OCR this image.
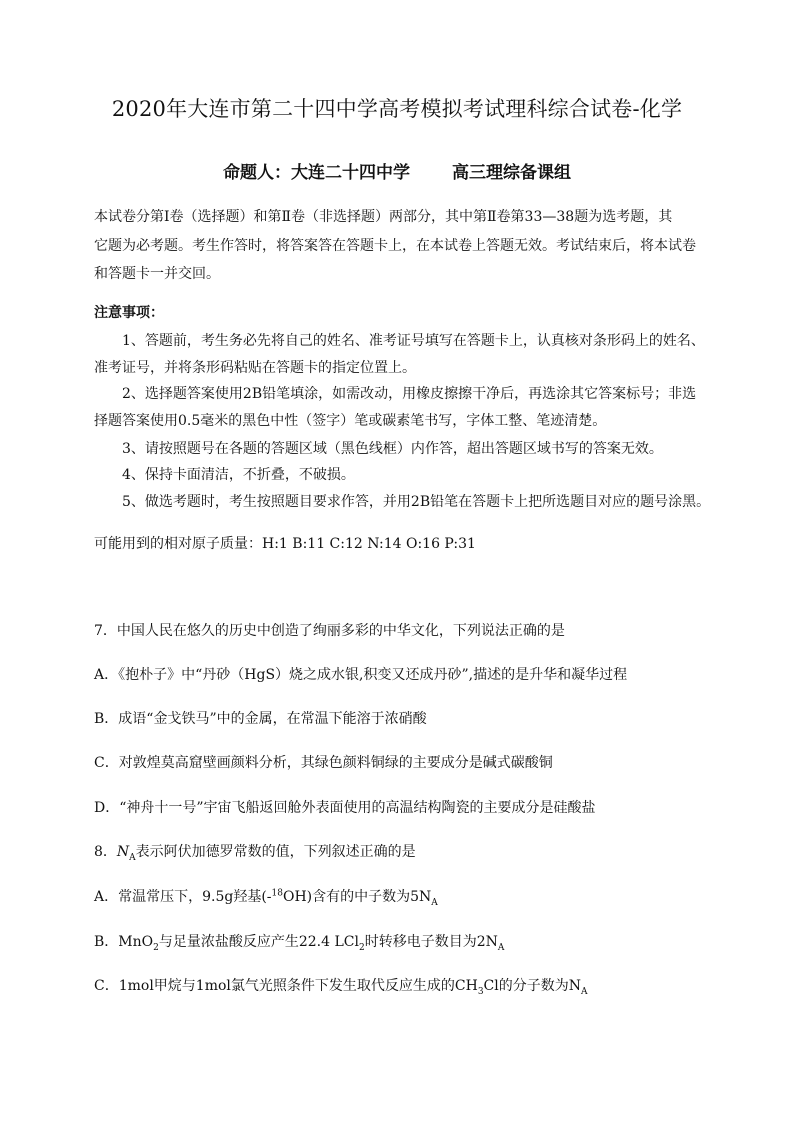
2020年大连市第二十四中学高考模拟考试理科综合试卷-化学
命题人：大连二十四中学 高三理综备课组
本试卷分第Ⅰ卷（选择题）和第Ⅱ卷（非选择题）两部分，其中第Ⅱ卷第33—38题为选考题，其
它题为必考题。考生作答时，将答案答在答题卡上，在本试卷上答题无效。考试结束后，将本试卷
和答题卡一并交回。
注意事项：
1、答题前，考生务必先将自己的姓名、准考证号填写在答题卡上，认真核对条形码上的姓名、
准考证号，并将条形码粘贴在答题卡的指定位置上。
2、选择题答案使用2B铅笔填涂，如需改动，用橡皮擦擦干净后，再选涂其它答案标号；非选
择题答案使用0.5毫米的黑色中性（签字）笔或碳素笔书写，字体工整、笔迹清楚。
3、请按照题号在各题的答题区域（黑色线框）内作答，超出答题区域书写的答案无效。
4、保持卡面清洁，不折叠，不破损。
5、做选考题时，考生按照题目要求作答，并用2B铅笔在答题卡上把所选题目对应的题号涂黑。
可能用到的相对原子质量：H:1 B:11 C:12 N:14 O:16 P:31
7．中国人民在悠久的历史中创造了绚丽多彩的中华文化，下列说法正确的是
A．《抱朴子》中“丹砂（HgS）烧之成水银,积变又还成丹砂”,描述的是升华和凝华过程
B．成语“金戈铁马”中的金属，在常温下能溶于浓硝酸
C．对敦煌莫高窟壁画颜料分析，其绿色颜料铜绿的主要成分是碱式碳酸铜
D．“神舟十一号”宇宙飞船返回舱外表面使用的高温结构陶瓷的主要成分是硅酸盐
8．$N_A$表示阿伏加德罗常数的值，下列叙述正确的是
A．常温常压下，9.5g羟基(-$^{18}$OH)含有的中子数为$5N_A$
B．MnO$_2$与足量浓盐酸反应产生22.4 LCl$_2$时转移电子数目为$2N_A$
C．1mol甲烷与1mol氯气光照条件下发生取代反应生成的$CH_3Cl$的分子数为$N_A$
